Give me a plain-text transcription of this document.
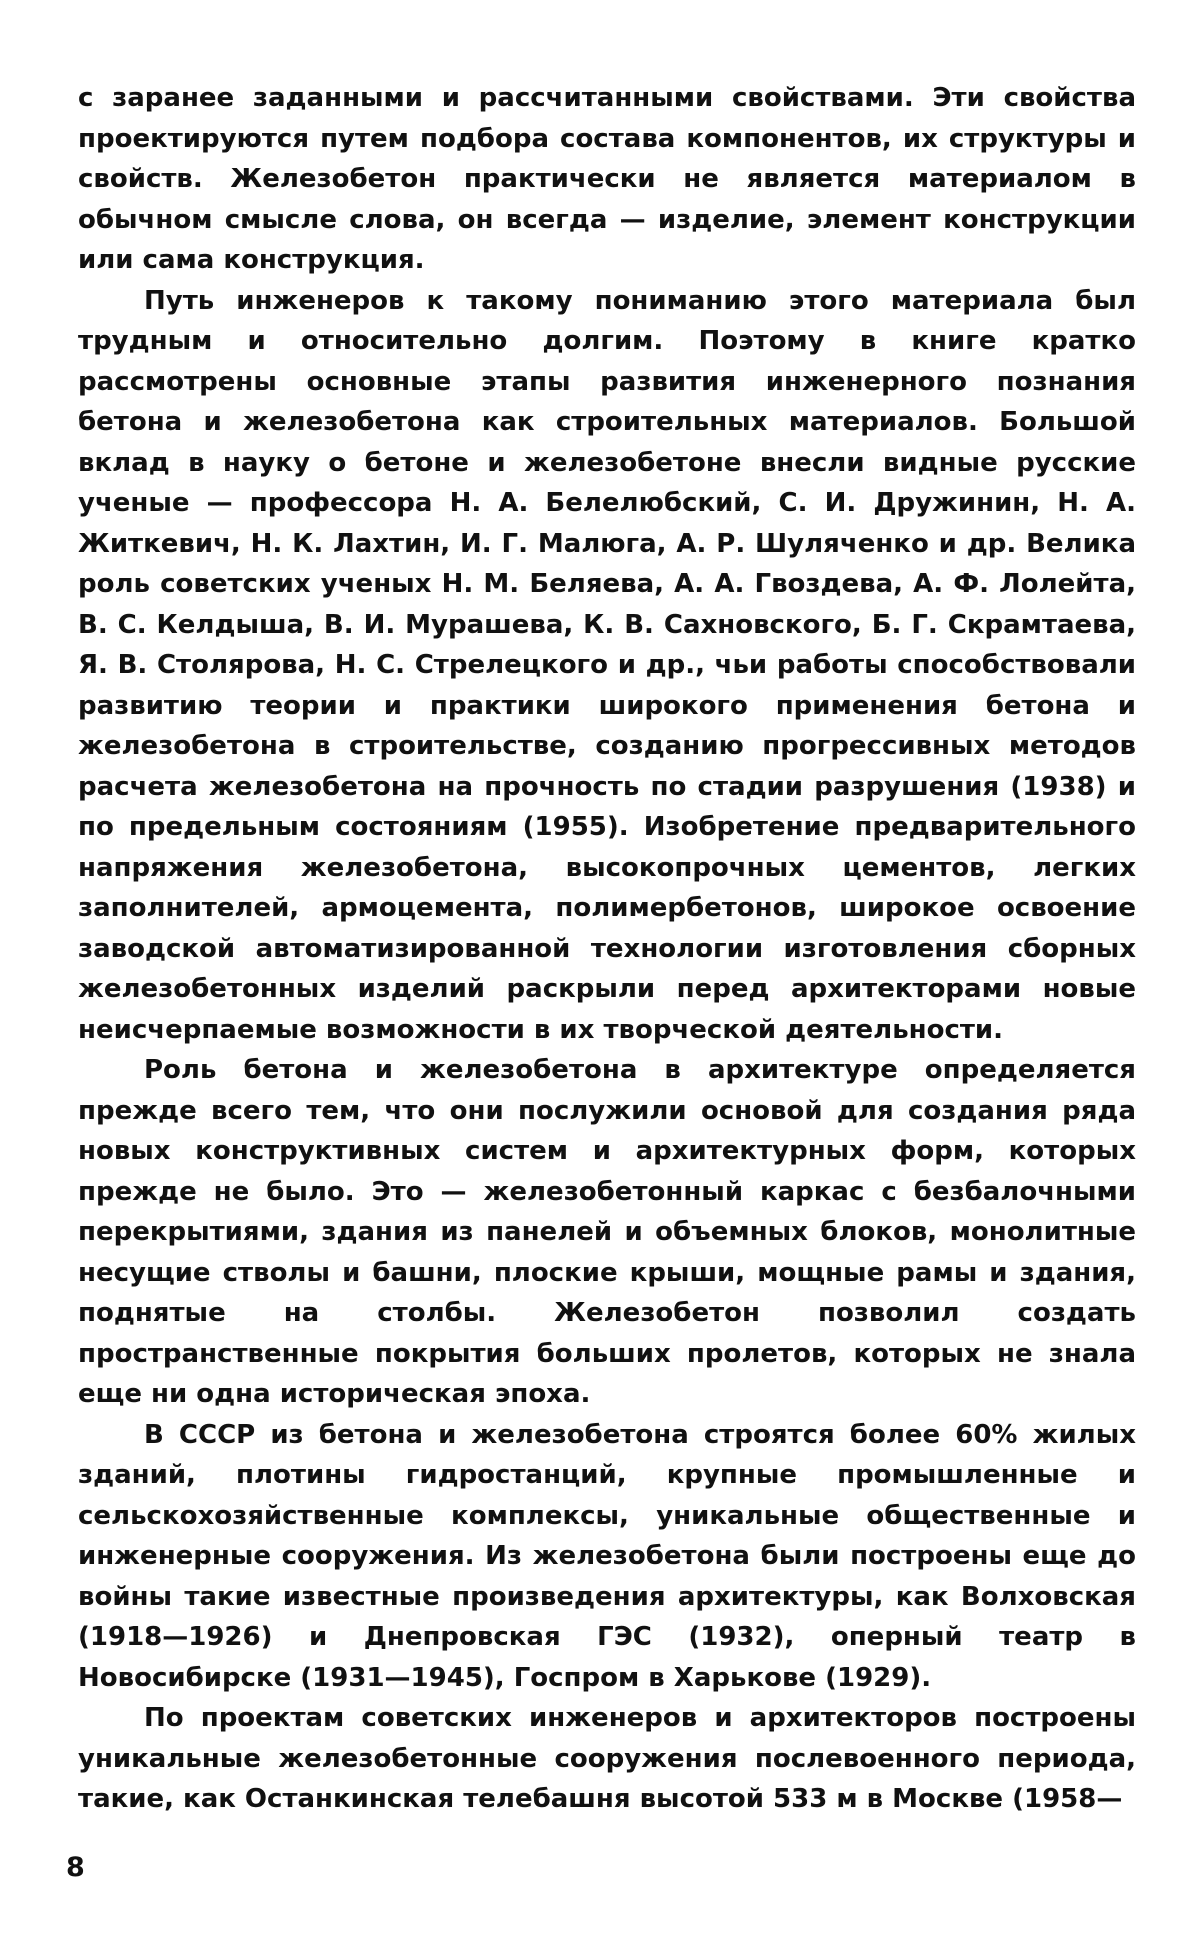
с заранее заданными и рассчитанными свойствами. Эти свойства проектируются путем подбора состава компонентов, их структуры и свойств. Железобетон практически не является материалом в обычном смысле слова, он всегда — изделие, элемент конструкции или сама конструкция.

Путь инженеров к такому пониманию этого материала был трудным и относительно долгим. Поэтому в книге кратко рассмотрены основные этапы развития инженерного познания бетона и железобетона как строительных материалов. Большой вклад в науку о бетоне и железобетоне внесли видные русские ученые — профессора Н. А. Белелюбский, С. И. Дружинин, Н. А. Житкевич, Н. К. Лахтин, И. Г. Малюга, А. Р. Шуляченко и др. Велика роль советских ученых Н. М. Беляева, А. А. Гвоздева, А. Ф. Лолейта, В. С. Келдыша, В. И. Мурашева, К. В. Сахновского, Б. Г. Скрамтаева, Я. В. Столярова, Н. С. Стрелецкого и др., чьи работы способствовали развитию теории и практики широкого применения бетона и железобетона в строительстве, созданию прогрессивных методов расчета железобетона на прочность по стадии разрушения (1938) и по предельным состояниям (1955). Изобретение предварительного напряжения железобетона, высокопрочных цементов, легких заполнителей, армоцемента, полимербетонов, широкое освоение заводской автоматизированной технологии изготовления сборных железобетонных изделий раскрыли перед архитекторами новые неисчерпаемые возможности в их творческой деятельности.

Роль бетона и железобетона в архитектуре определяется прежде всего тем, что они послужили основой для создания ряда новых конструктивных систем и архитектурных форм, которых прежде не было. Это — железобетонный каркас с безбалочными перекрытиями, здания из панелей и объемных блоков, монолитные несущие стволы и башни, плоские крыши, мощные рамы и здания, поднятые на столбы. Железобетон позволил создать пространственные покрытия больших пролетов, которых не знала еще ни одна историческая эпоха.

В СССР из бетона и железобетона строятся более 60% жилых зданий, плотины гидростанций, крупные промышленные и сельскохозяйственные комплексы, уникальные общественные и инженерные сооружения. Из железобетона были построены еще до войны такие известные произведения архитектуры, как Волховская (1918—1926) и Днепровская ГЭС (1932), оперный театр в Новосибирске (1931—1945), Госпром в Харькове (1929).

По проектам советских инженеров и архитекторов построены уникальные железобетонные сооружения послевоенного периода, такие, как Останкинская телебашня высотой 533 м в Москве (1958—

8
